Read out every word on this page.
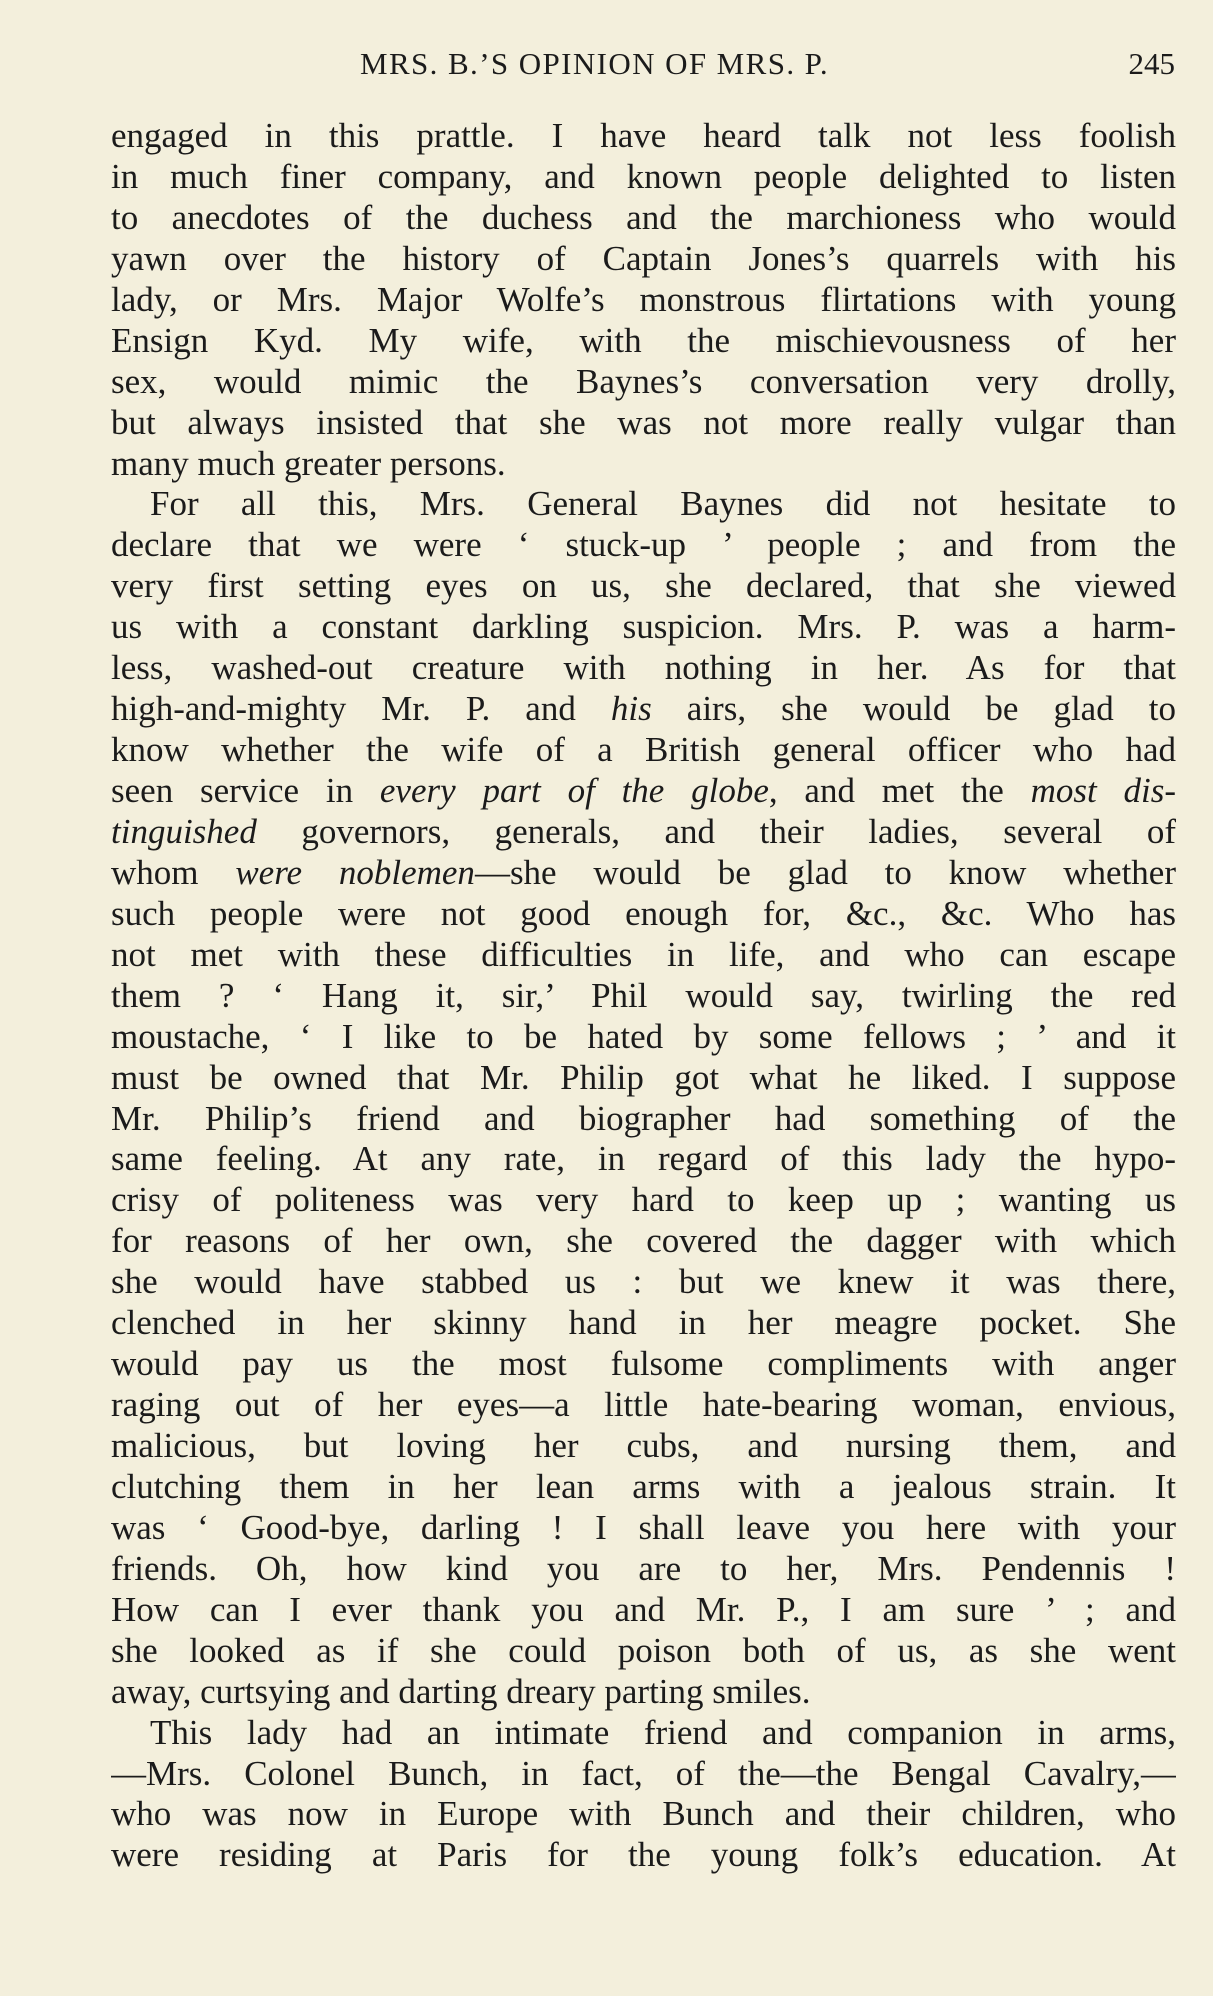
MRS. B.’S OPINION OF MRS. P.	245
engaged in this prattle. I have heard talk not less foolish
in much finer company, and known people delighted to listen
to anecdotes of the duchess and the marchioness who would
yawn over the history of Captain Jones’s quarrels with his
lady, or Mrs. Major Wolfe’s monstrous flirtations with young
Ensign Kyd. My wife, with the mischievousness of her
sex, would mimic the Baynes’s conversation very drolly,
but always insisted that she was not more really vulgar than
many much greater persons.
For all this, Mrs. General Baynes did not hesitate to
declare that we were ‘ stuck-up ’ people ; and from the
very first setting eyes on us, she declared, that she viewed
us with a constant darkling suspicion. Mrs. P. was a harm-
less, washed-out creature with nothing in her. As for that
high-and-mighty Mr. P. and his airs, she would be glad to
know whether the wife of a British general officer who had
seen service in every part of the globe, and met the most dis-
tinguished governors, generals, and their ladies, several of
whom were noblemen—she would be glad to know whether
such people were not good enough for, &c., &c. Who has
not met with these difficulties in life, and who can escape
them ? ‘ Hang it, sir,’ Phil would say, twirling the red
moustache, ‘ I like to be hated by some fellows ; ’ and it
must be owned that Mr. Philip got what he liked. I suppose
Mr. Philip’s friend and biographer had something of the
same feeling. At any rate, in regard of this lady the hypo-
crisy of politeness was very hard to keep up ; wanting us
for reasons of her own, she covered the dagger with which
she would have stabbed us : but we knew it was there,
clenched in her skinny hand in her meagre pocket. She
would pay us the most fulsome compliments with anger
raging out of her eyes—a little hate-bearing woman, envious,
malicious, but loving her cubs, and nursing them, and
clutching them in her lean arms with a jealous strain. It
was ‘ Good-bye, darling ! I shall leave you here with your
friends. Oh, how kind you are to her, Mrs. Pendennis !
How can I ever thank you and Mr. P., I am sure ’ ; and
she looked as if she could poison both of us, as she went
away, curtsying and darting dreary parting smiles.
This lady had an intimate friend and companion in arms,
—Mrs. Colonel Bunch, in fact, of the—the Bengal Cavalry,—
who was now in Europe with Bunch and their children, who
were residing at Paris for the young folk’s education. At
